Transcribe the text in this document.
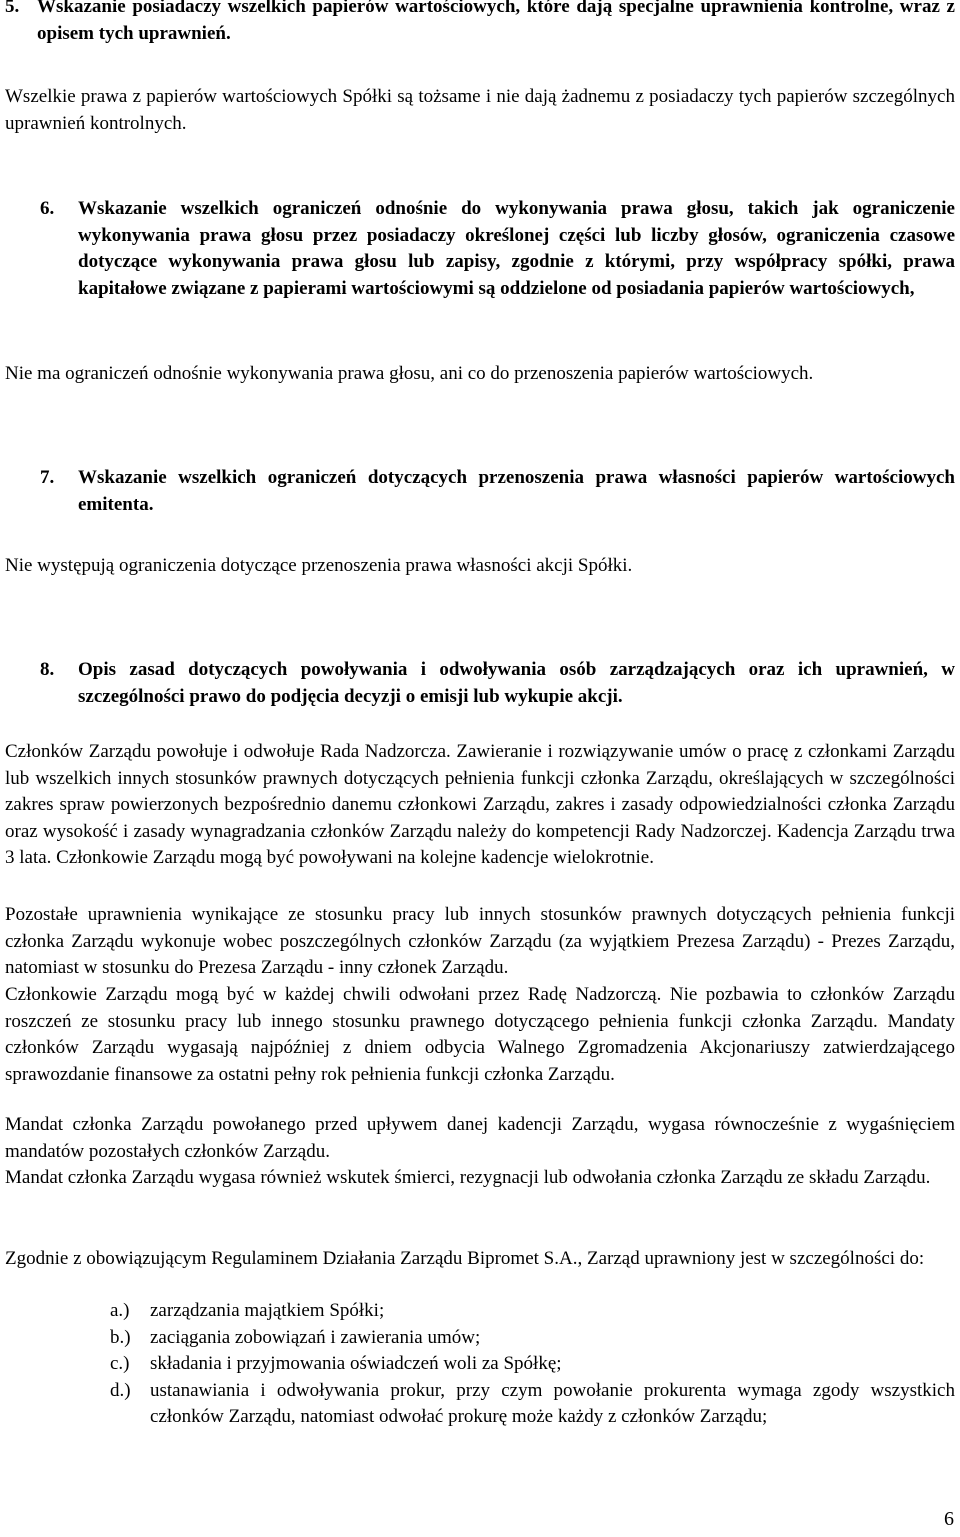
5. Wskazanie posiadaczy wszelkich papierów wartościowych, które dają specjalne uprawnienia kontrolne, wraz z opisem tych uprawnień.

Wszelkie prawa z papierów wartościowych Spółki są tożsame i nie dają żadnemu z posiadaczy tych papierów szczególnych uprawnień kontrolnych.

6.	Wskazanie wszelkich ograniczeń odnośnie do wykonywania prawa głosu, takich jak ograniczenie wykonywania prawa głosu przez posiadaczy określonej części lub liczby głosów, ograniczenia czasowe dotyczące wykonywania prawa głosu lub zapisy, zgodnie z którymi, przy współpracy spółki, prawa kapitałowe związane z papierami wartościowymi są oddzielone od posiadania papierów wartościowych,

Nie ma ograniczeń odnośnie wykonywania prawa głosu, ani co do przenoszenia papierów wartościowych.

7.	Wskazanie wszelkich ograniczeń dotyczących przenoszenia prawa własności papierów wartościowych emitenta.

Nie występują ograniczenia dotyczące przenoszenia prawa własności akcji Spółki.

8.	Opis zasad dotyczących powoływania i odwoływania osób zarządzających oraz ich uprawnień, w szczególności prawo do podjęcia decyzji o emisji lub wykupie akcji.

Członków Zarządu powołuje i odwołuje Rada Nadzorcza. Zawieranie i rozwiązywanie umów o pracę z członkami Zarządu lub wszelkich innych stosunków prawnych dotyczących pełnienia funkcji członka Zarządu, określających w szczególności zakres spraw powierzonych bezpośrednio danemu członkowi Zarządu, zakres i zasady odpowiedzialności członka Zarządu oraz wysokość i zasady wynagradzania członków Zarządu należy do kompetencji Rady Nadzorczej. Kadencja Zarządu trwa 3 lata. Członkowie Zarządu mogą być powoływani na kolejne kadencje wielokrotnie.

Pozostałe uprawnienia wynikające ze stosunku pracy lub innych stosunków prawnych dotyczących pełnienia funkcji członka Zarządu wykonuje wobec poszczególnych członków Zarządu (za wyjątkiem Prezesa Zarządu) - Prezes Zarządu, natomiast w stosunku do Prezesa Zarządu - inny członek Zarządu.

Członkowie Zarządu mogą być w każdej chwili odwołani przez Radę Nadzorczą. Nie pozbawia to członków Zarządu roszczeń ze stosunku pracy lub innego stosunku prawnego dotyczącego pełnienia funkcji członka Zarządu. Mandaty członków Zarządu wygasają najpóźniej z dniem odbycia Walnego Zgromadzenia Akcjonariuszy zatwierdzającego sprawozdanie finansowe za ostatni pełny rok pełnienia funkcji członka Zarządu.

Mandat członka Zarządu powołanego przed upływem danej kadencji Zarządu, wygasa równocześnie z wygaśnięciem mandatów pozostałych członków Zarządu.

Mandat członka Zarządu wygasa również wskutek śmierci, rezygnacji lub odwołania członka Zarządu ze składu Zarządu.

Zgodnie z obowiązującym Regulaminem Działania Zarządu Bipromet S.A., Zarząd uprawniony jest w szczególności do:

a.)	zarządzania majątkiem Spółki;
b.)	zaciągania zobowiązań i zawierania umów;
c.)	składania i przyjmowania oświadczeń woli za Spółkę;
d.)	ustanawiania i odwoływania prokur, przy czym powołanie prokurenta wymaga zgody wszystkich członków Zarządu, natomiast odwołać prokurę może każdy z członków Zarządu;
6
